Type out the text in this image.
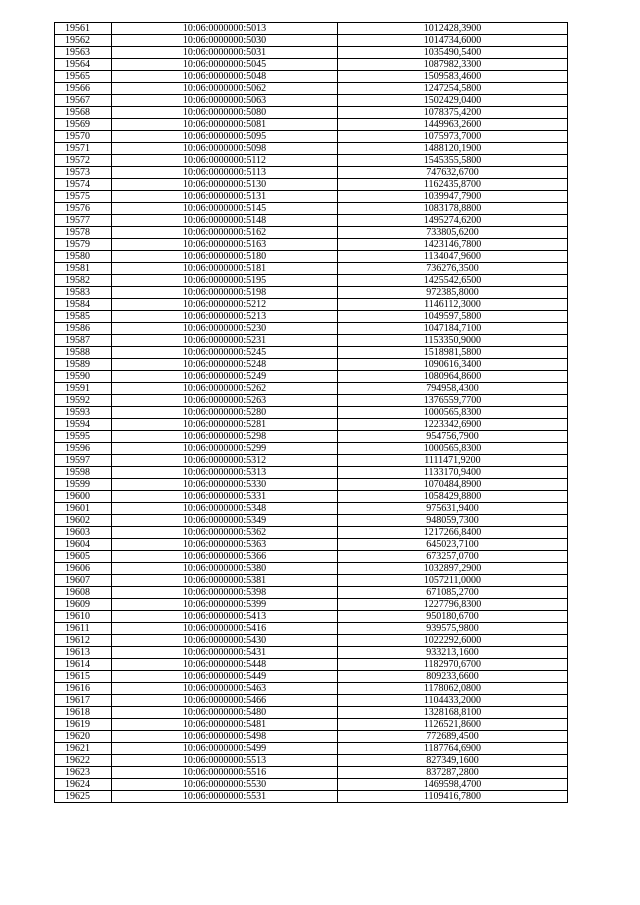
19561	10:06:0000000:5013	1012428,3900
19562	10:06:0000000:5030	1014734,6000
19563	10:06:0000000:5031	1035490,5400
19564	10:06:0000000:5045	1087982,3300
19565	10:06:0000000:5048	1509583,4600
19566	10:06:0000000:5062	1247254,5800
19567	10:06:0000000:5063	1502429,0400
19568	10:06:0000000:5080	1078375,4200
19569	10:06:0000000:5081	1449963,2600
19570	10:06:0000000:5095	1075973,7000
19571	10:06:0000000:5098	1488120,1900
19572	10:06:0000000:5112	1545355,5800
19573	10:06:0000000:5113	747632,6700
19574	10:06:0000000:5130	1162435,8700
19575	10:06:0000000:5131	1039947,7900
19576	10:06:0000000:5145	1083178,8800
19577	10:06:0000000:5148	1495274,6200
19578	10:06:0000000:5162	733805,6200
19579	10:06:0000000:5163	1423146,7800
19580	10:06:0000000:5180	1134047,9600
19581	10:06:0000000:5181	736276,3500
19582	10:06:0000000:5195	1425542,6500
19583	10:06:0000000:5198	972385,8000
19584	10:06:0000000:5212	1146112,3000
19585	10:06:0000000:5213	1049597,5800
19586	10:06:0000000:5230	1047184,7100
19587	10:06:0000000:5231	1153350,9000
19588	10:06:0000000:5245	1518981,5800
19589	10:06:0000000:5248	1090616,3400
19590	10:06:0000000:5249	1080964,8600
19591	10:06:0000000:5262	794958,4300
19592	10:06:0000000:5263	1376559,7700
19593	10:06:0000000:5280	1000565,8300
19594	10:06:0000000:5281	1223342,6900
19595	10:06:0000000:5298	954756,7900
19596	10:06:0000000:5299	1000565,8300
19597	10:06:0000000:5312	1111471,9200
19598	10:06:0000000:5313	1133170,9400
19599	10:06:0000000:5330	1070484,8900
19600	10:06:0000000:5331	1058429,8800
19601	10:06:0000000:5348	975631,9400
19602	10:06:0000000:5349	948059,7300
19603	10:06:0000000:5362	1217266,8400
19604	10:06:0000000:5363	645023,7100
19605	10:06:0000000:5366	673257,0700
19606	10:06:0000000:5380	1032897,2900
19607	10:06:0000000:5381	1057211,0000
19608	10:06:0000000:5398	671085,2700
19609	10:06:0000000:5399	1227796,8300
19610	10:06:0000000:5413	950180,6700
19611	10:06:0000000:5416	939575,9800
19612	10:06:0000000:5430	1022292,6000
19613	10:06:0000000:5431	933213,1600
19614	10:06:0000000:5448	1182970,6700
19615	10:06:0000000:5449	809233,6600
19616	10:06:0000000:5463	1178062,0800
19617	10:06:0000000:5466	1104433,2000
19618	10:06:0000000:5480	1328168,8100
19619	10:06:0000000:5481	1126521,8600
19620	10:06:0000000:5498	772689,4500
19621	10:06:0000000:5499	1187764,6900
19622	10:06:0000000:5513	827349,1600
19623	10:06:0000000:5516	837287,2800
19624	10:06:0000000:5530	1469598,4700
19625	10:06:0000000:5531	1109416,7800
